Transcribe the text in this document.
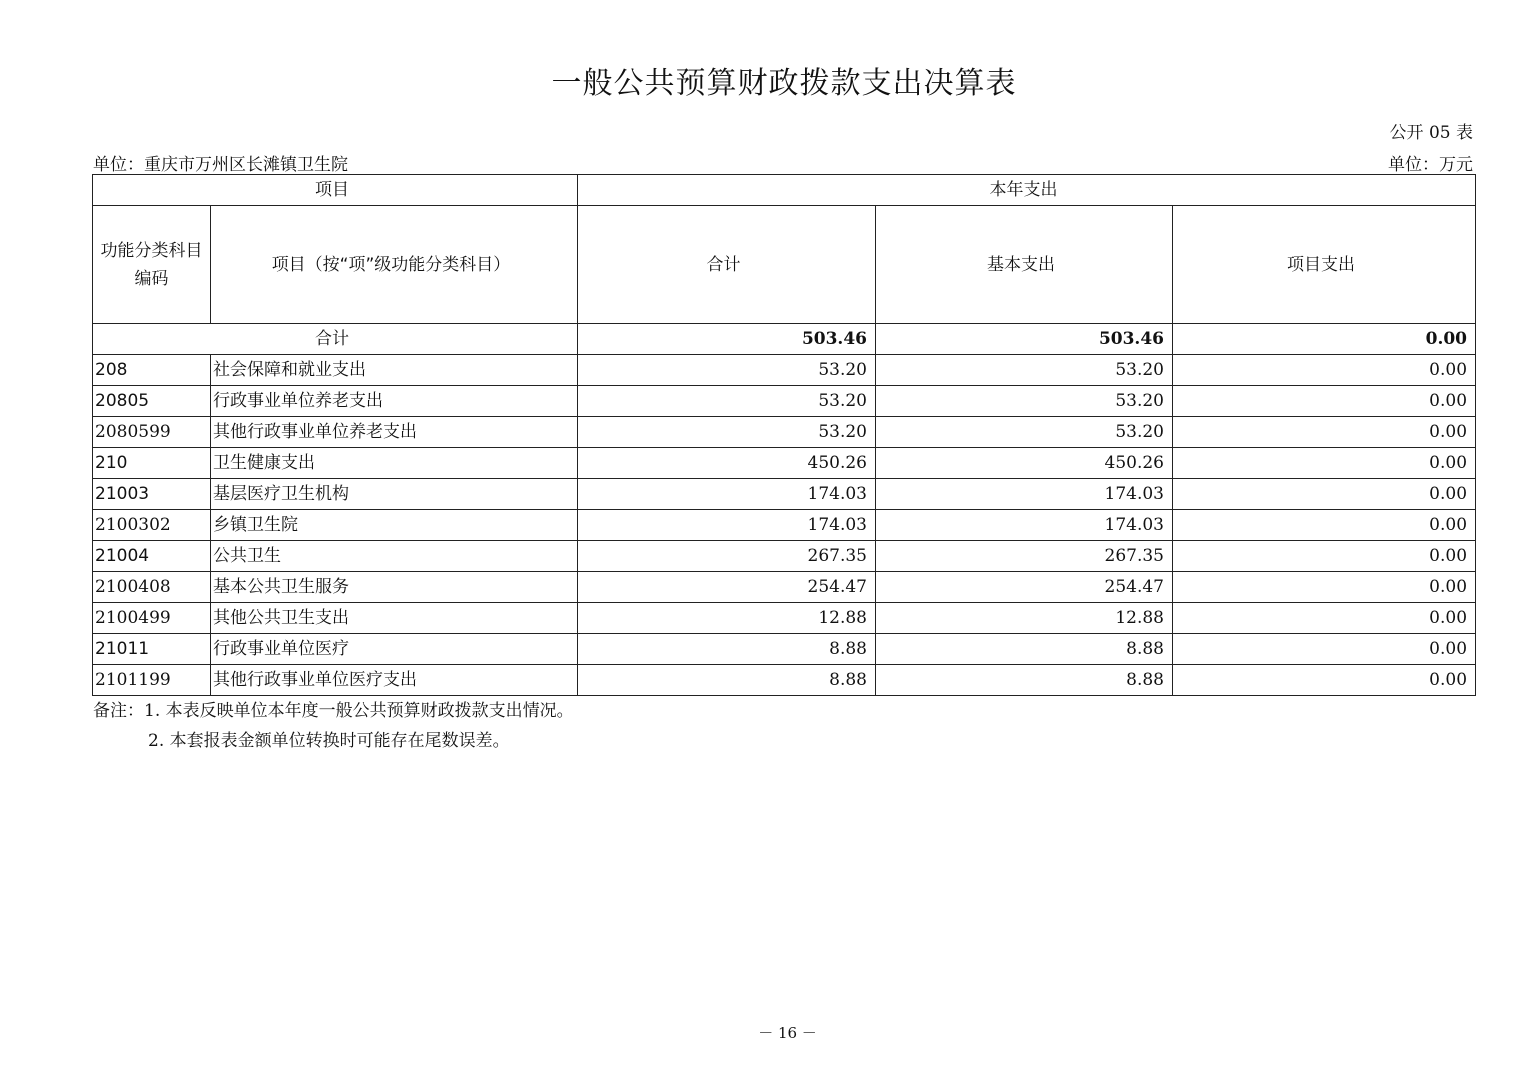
一般公共预算财政拨款支出决算表
公开 05 表
单位：重庆市万州区长滩镇卫生院	单位：万元
项目		本年支出		
功能分类科目编码	项目（按“项”级功能分类科目）	合计	基本支出	项目支出
合计		503.46	503.46	0.00
208	社会保障和就业支出	53.20	53.20	0.00
20805	行政事业单位养老支出	53.20	53.20	0.00
2080599	其他行政事业单位养老支出	53.20	53.20	0.00
210	卫生健康支出	450.26	450.26	0.00
21003	基层医疗卫生机构	174.03	174.03	0.00
2100302	乡镇卫生院	174.03	174.03	0.00
21004	公共卫生	267.35	267.35	0.00
2100408	基本公共卫生服务	254.47	254.47	0.00
2100499	其他公共卫生支出	12.88	12.88	0.00
21011	行政事业单位医疗	8.88	8.88	0.00
2101199	其他行政事业单位医疗支出	8.88	8.88	0.00
备注：1. 本表反映单位本年度一般公共预算财政拨款支出情况。
2. 本套报表金额单位转换时可能存在尾数误差。
－ 16 －
